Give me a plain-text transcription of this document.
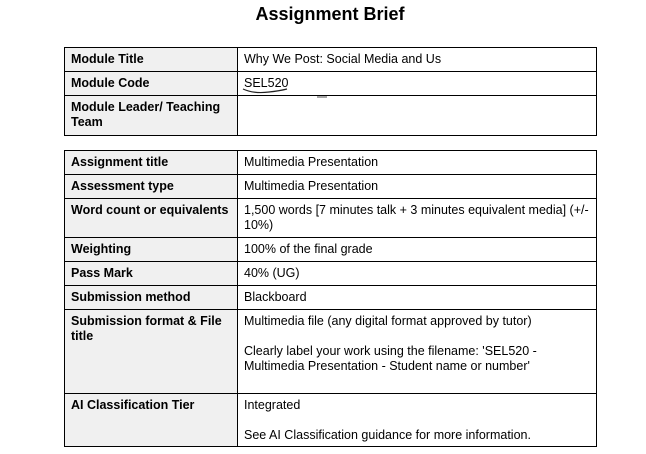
Assignment Brief
Module Title	Why We Post: Social Media and Us
Module Code	SEL520
Module Leader/ Teaching Team	
Assignment title	Multimedia Presentation
Assessment type	Multimedia Presentation
Word count or equivalents	1,500 words [7 minutes talk + 3 minutes equivalent media] (+/- 10%)
Weighting	100% of the final grade
Pass Mark	40% (UG)
Submission method	Blackboard
Submission format & File title	Multimedia file (any digital format approved by tutor)
Clearly label your work using the filename: 'SEL520 - Multimedia Presentation - Student name or number'
AI Classification Tier	Integrated
See AI Classification guidance for more information.
